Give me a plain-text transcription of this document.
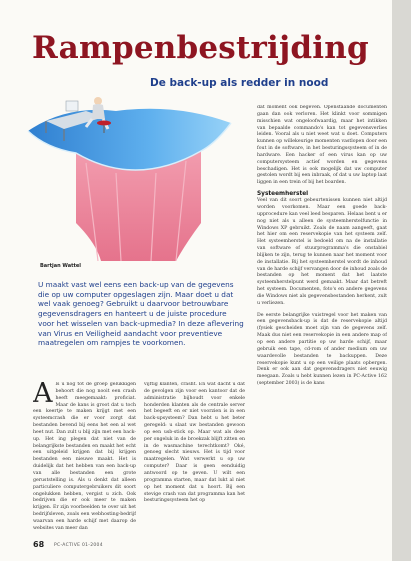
Rampenbestrijding
De back-up als redder in nood
Bartjan Wattel

U maakt vast wel eens een back-up van de gegevens die op uw computer opgeslagen zijn. Maar doet u dat wel vaak genoeg? Gebruikt u daarvoor betrouwbare gegevensdragers en hanteert u de juiste procedure voor het wisselen van back-upmedia? In deze aflevering van Virus en Veiligheid aandacht voor preventieve maatregelen om rampjes te voorkomen.

Als u nog tot de groep gelukkigen behoort die nog nooit een crash heeft meegemaakt: proficiat. Maar de kans is groot dat u toch een keertje te maken krijgt met een systeemcrash die er voor zorgt dat bestanden bevend bij eens het een al wet heet nut. Dan zult u blij zijn met een back-up. Het ing plegen dat niet van de belangrijkste bestanden en maakt het echt een uitgeleid krijgen dat bij krijgen bestanden een nieuwe maakt. Het is duidelijk dat het hebben van een back-up van alle bestanden een grote geruststelling is. Als u denkt dat alleen particuliere computergebruikers dit soort ongelukken hebben, vergist u zich. Ook bedrijven die er ook meer te maken krijgen. Er zijn voorbeelden te over uit het bedrijfsleven, zoals een webhosting-bedrijf waarvan een harde schijf met daarop de websites van meer dan

vijftig klanten, crasht. En wat dacht u dat de gevolgen zijn voor een kantoor dat de administratie bijhoudt voor enkele honderden klanten als de centrale server het begeeft en er niet voorzien is in een back-upsysteem? Dan hebt u het beter geregeld: u slaat uw bestanden gewoon op een usb-stick op. Maar wat als deze per ongeluk in de broekzak blijft zitten en in de wasmachine terechtkomt? Oké, genoeg slecht nieuws. Het is tijd voor maatregelen. Wat verwerkt u op uw computer? Daar is geen eenduidig antwoord op te geven. U wilt een programma starten, maar dat lukt al niet op het moment dat u hoort. Bij een stevige crash van dat programma kan het besturingssysteem het op

dat moment ook begeven. Openstaande documenten gaan dan ook verloren. Het klinkt voor sommigen misschien wat ongeloofwaardig, maar het intikken van bepaalde commando's kan tot gegevensverlies leiden. Vooral als u niet weet wat u doet. Computers kunnen op willekeurige momenten vastlopen door een fout in de software, in het besturingssysteem of in de hardware. Een hacker of een virus kan op uw computersysteem actief worden en gegevens beschadigen. Het is ook mogelijk dat uw computer gestolen wordt bij een inbraak, of dat u uw laptop laat liggen in een trein of bij het boarden.

Systeemherstel

Veel van dit soort gebeurtenissen kunnen niet altijd worden voorkomen. Maar een goede back-upprocedure kan veel leed besparen. Helaas bent u er nog niet als u alleen de systeemherstelfunctie in Windows XP gebruikt. Zoals de naam aangeeft, gaat het hier om een reservekopie van het systeem zelf. Het systeemherstel is bedoeld om na de installatie van software of stuurprogramma's die onstabiel blijken te zijn, terug te kunnen naar het moment voor de installatie. Bij het systeemherstel wordt de inhoud van de harde schijf vervangen door de inhoud zoals de bestanden op het moment dat het laatste systeemherstelpunt werd gemaakt. Maar dat betreft het systeem. Documenten, foto's en andere gegevens die Windows niet als gegevensbestanden herkent, zult u verliezen.

De eerste belangrijke vuistregel voor het maken van een gegevensback-up is dat de reservekopie altijd (fysiek gescheiden moet zijn van de gegevens zelf. Maak dus niet een reservekopie in een andere map of op een andere partitie op uw harde schijf, maar gebruik een tape, cd-rom of ander medium om uw waardevolle bestanden te backuppen. Deze reservekopie kunt u op een veilige plaats opbergen. Denk er ook aan dat gegevensdragers niet eeuwig meegaan. Zoals u hebt kunnen lezen in PC-Active 162 (september 2003) is de kans

68 PC-ACTIVE 01-2004
